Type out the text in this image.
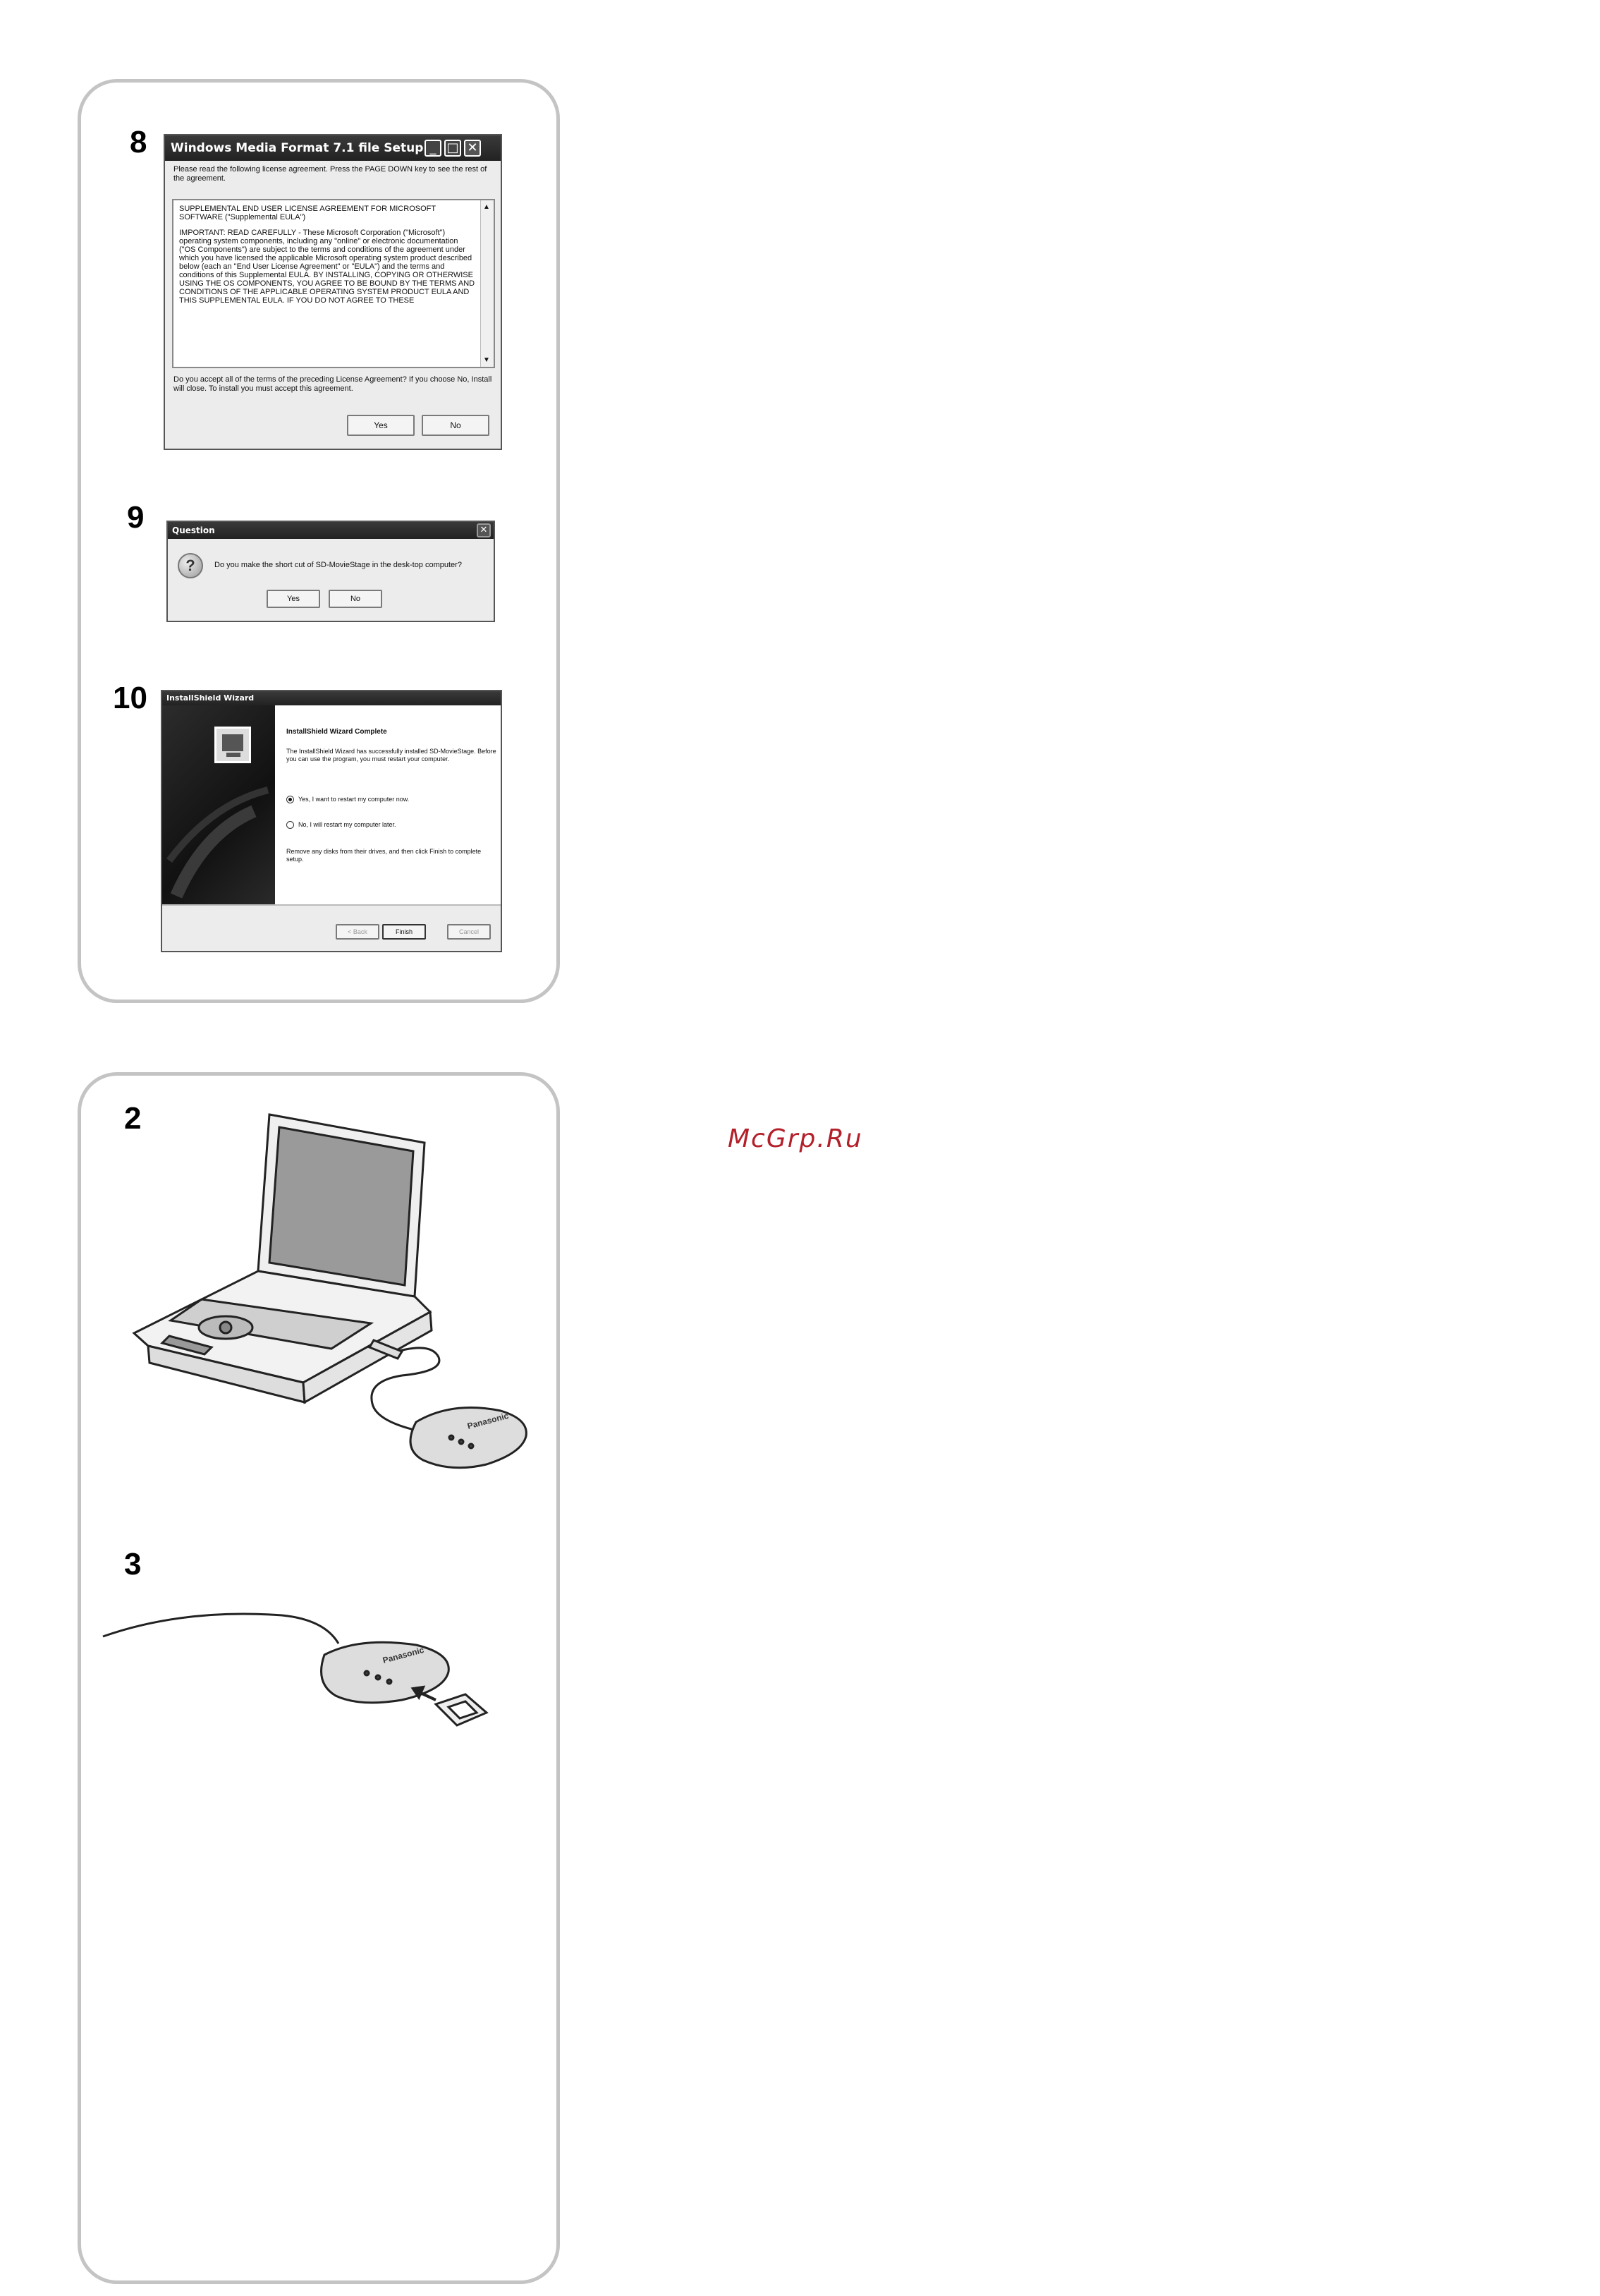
8
9
10
Windows Media Format 7.1 file Setup _ □ ✕
Please read the following license agreement. Press the PAGE DOWN key to see the rest of the agreement.

SUPPLEMENTAL END USER LICENSE AGREEMENT FOR MICROSOFT SOFTWARE ("Supplemental EULA")

IMPORTANT: READ CAREFULLY - These Microsoft Corporation ("Microsoft") operating system components, including any "online" or electronic documentation ("OS Components") are subject to the terms and conditions of the agreement under which you have licensed the applicable Microsoft operating system product described below (each an "End User License Agreement" or "EULA") and the terms and conditions of this Supplemental EULA. BY INSTALLING, COPYING OR OTHERWISE USING THE OS COMPONENTS, YOU AGREE TO BE BOUND BY THE TERMS AND CONDITIONS OF THE APPLICABLE OPERATING SYSTEM PRODUCT EULA AND THIS SUPPLEMENTAL EULA. IF YOU DO NOT AGREE TO THESE

▲
▼
Do you accept all of the terms of the preceding License Agreement? If you choose No, Install will close. To install you must accept this agreement.
Yes	No
Question	✕
?	Do you make the short cut of SD-MovieStage in the desk-top computer?
Yes	No
InstallShield Wizard
InstallShield Wizard Complete
The InstallShield Wizard has successfully installed SD-MovieStage. Before you can use the program, you must restart your computer.
Yes, I want to restart my computer now.
No, I will restart my computer later.
Remove any disks from their drives, and then click Finish to complete setup.
< Back	Finish	Cancel
2
3
Panasonic
Panasonic
McGrp.Ru
